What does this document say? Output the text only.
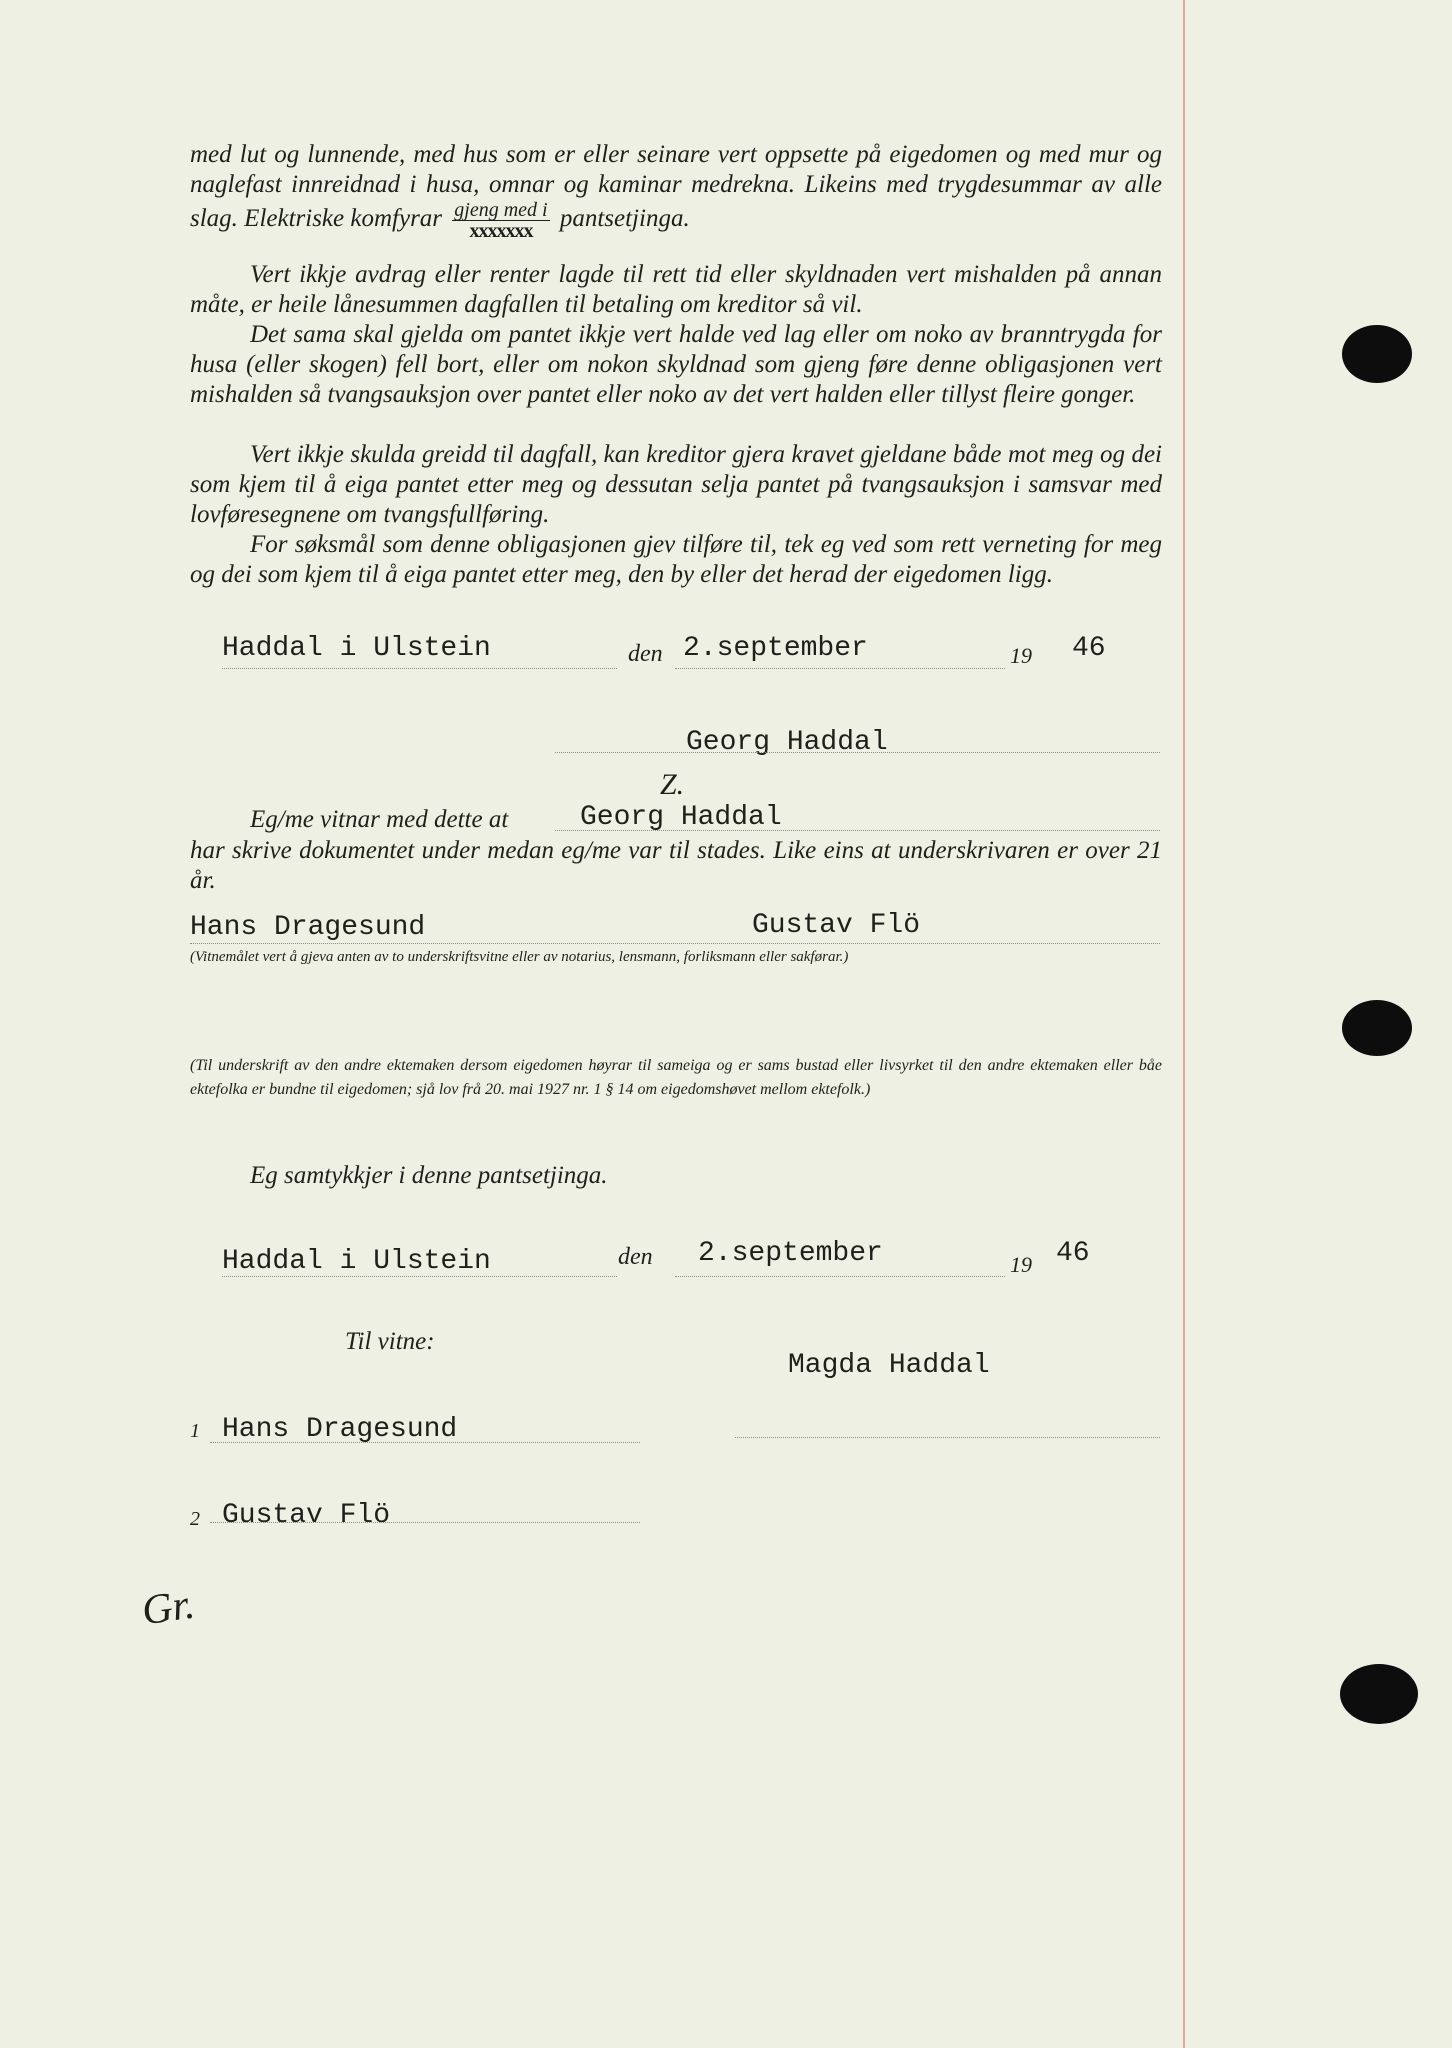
med lut og lunnende, med hus som er eller seinare vert oppsette på eigedomen og med mur og naglefast innreidnad i husa, omnar og kaminar medrekna. Likeins med trygdesummar av alle slag. Elektriske komfyrar $\frac{\text{gjeng med i}}{\text{xxxxxxx}}$ pantsetjinga.

Vert ikkje avdrag eller renter lagde til rett tid eller skyldnaden vert mishalden på annan måte, er heile lånesummen dagfallen til betaling om kreditor så vil.

Det sama skal gjelda om pantet ikkje vert halde ved lag eller om noko av branntrygda for husa (eller skogen) fell bort, eller om nokon skyldnad som gjeng føre denne obligasjonen vert mishalden så tvangsauksjon over pantet eller noko av det vert halden eller tillyst fleire gonger.

Vert ikkje skulda greidd til dagfall, kan kreditor gjera kravet gjeldane både mot meg og dei som kjem til å eiga pantet etter meg og dessutan selja pantet på tvangsauksjon i samsvar med lovføresegnene om tvangsfullføring.

For søksmål som denne obligasjonen gjev tilføre til, tek eg ved som rett verneting for meg og dei som kjem til å eiga pantet etter meg, den by eller det herad der eigedomen ligg.

Haddal i Ulstein	den 2.september	19 46
Georg Haddal
Z.
Eg/me vitnar med dette at	Georg Haddal

har skrive dokumentet under medan eg/me var til stades. Like eins at underskrivaren er over 21 år.

Hans Dragesund	Gustav Flö

(Vitnemålet vert å gjeva anten av to underskriftsvitne eller av notarius, lensmann, forliksmann eller sakførar.)

(Til underskrift av den andre ektemaken dersom eigedomen høyrar til sameiga og er sams bustad eller livsyrket til den andre ektemaken eller båe ektefolka er bundne til eigedomen; sjå lov frå 20. mai 1927 nr. 1 § 14 om eigedomshøvet mellom ektefolk.)

Eg samtykkjer i denne pantsetjinga.
Haddal i Ulstein	den 2.september	19 46
Til vitne:
Magda Haddal
1 Hans Dragesund
2 Gustav Flö
Gr.
